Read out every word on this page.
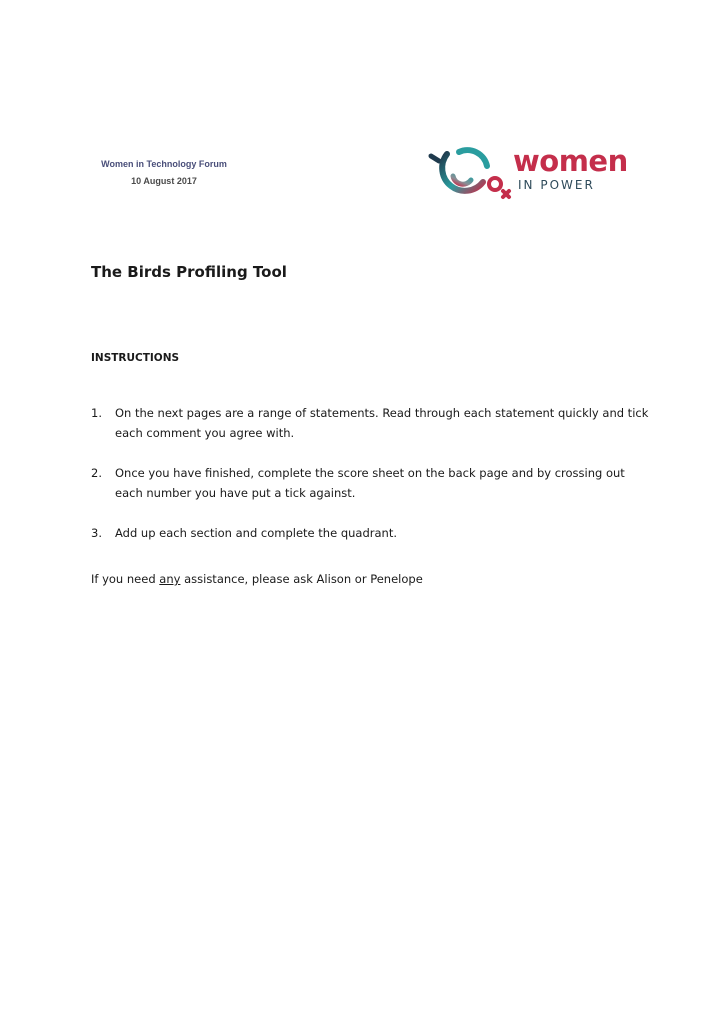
Women in Technology Forum
10 August 2017
women
IN POWER
The Birds Profiling Tool
INSTRUCTIONS
1. On the next pages are a range of statements. Read through each statement quickly and tick each comment you agree with.
2. Once you have finished, complete the score sheet on the back page and by crossing out each number you have put a tick against.
3. Add up each section and complete the quadrant.

If you need any assistance, please ask Alison or Penelope
